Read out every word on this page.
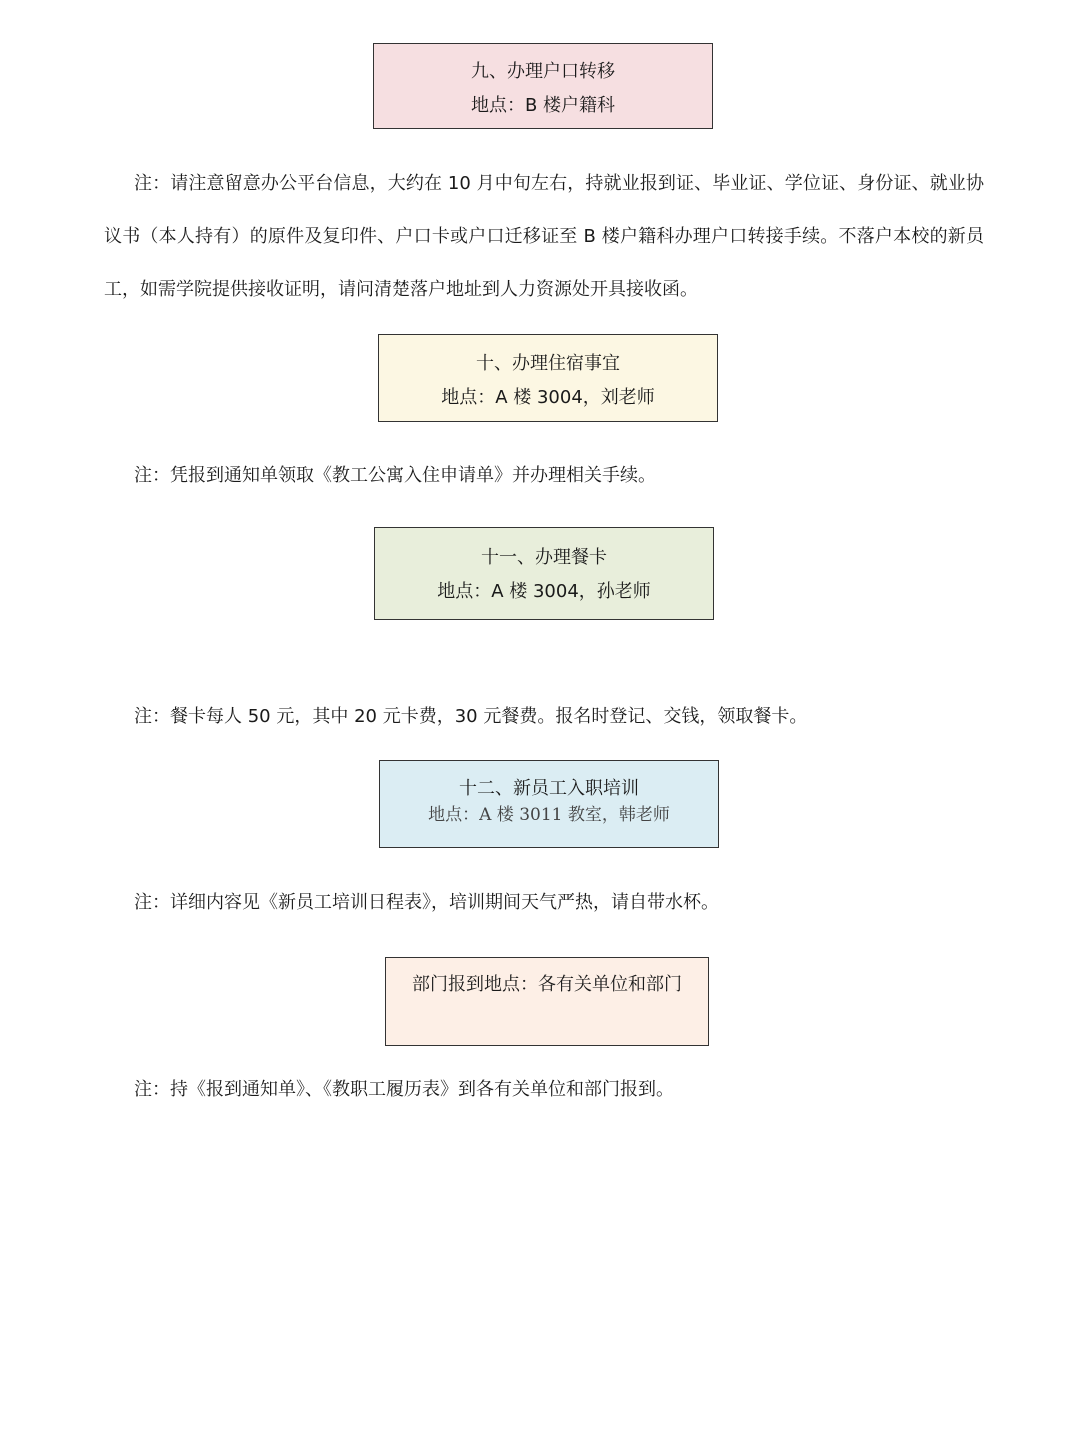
九、办理户口转移
地点：B 楼户籍科

注：请注意留意办公平台信息，大约在 10 月中旬左右，持就业报到证、毕业证、学位证、身份证、就业协议书（本人持有）的原件及复印件、户口卡或户口迁移证至 B 楼户籍科办理户口转接手续。不落户本校的新员工，如需学院提供接收证明，请问清楚落户地址到人力资源处开具接收函。

十、办理住宿事宜
地点：A 楼 3004，刘老师

注：凭报到通知单领取《教工公寓入住申请单》并办理相关手续。

十一、办理餐卡
地点：A 楼 3004，孙老师

注：餐卡每人 50 元，其中 20 元卡费，30 元餐费。报名时登记、交钱，领取餐卡。

十二、新员工入职培训
地点：A 楼 3011 教室，韩老师

注：详细内容见《新员工培训日程表》，培训期间天气严热，请自带水杯。

部门报到地点：各有关单位和部门

注：持《报到通知单》、《教职工履历表》到各有关单位和部门报到。
